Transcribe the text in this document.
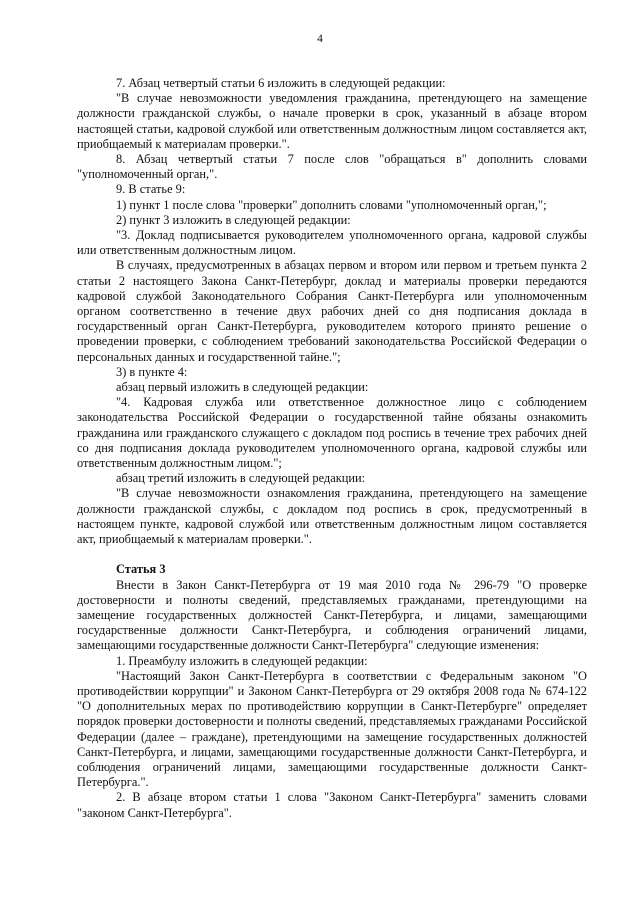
4

7. Абзац четвертый статьи 6 изложить в следующей редакции:

"В случае невозможности уведомления гражданина, претендующего на замещение должности гражданской службы, о начале проверки в срок, указанный в абзаце втором настоящей статьи, кадровой службой или ответственным должностным лицом составляется акт, приобщаемый к материалам проверки.".

8. Абзац четвертый статьи 7 после слов "обращаться в" дополнить словами "уполномоченный орган,".

9. В статье 9:

1) пункт 1 после слова "проверки" дополнить словами "уполномоченный орган,";

2) пункт 3 изложить в следующей редакции:

"3. Доклад подписывается руководителем уполномоченного органа, кадровой службы или ответственным должностным лицом.

В случаях, предусмотренных в абзацах первом и втором или первом и третьем пункта 2 статьи 2 настоящего Закона Санкт-Петербург, доклад и материалы проверки передаются кадровой службой Законодательного Собрания Санкт-Петербурга или уполномоченным органом соответственно в течение двух рабочих дней со дня подписания доклада в государственный орган Санкт-Петербурга, руководителем которого принято решение о проведении проверки, с соблюдением требований законодательства Российской Федерации о персональных данных и государственной тайне.";

3) в пункте 4:

абзац первый изложить в следующей редакции:

"4. Кадровая служба или ответственное должностное лицо с соблюдением законодательства Российской Федерации о государственной тайне обязаны ознакомить гражданина или гражданского служащего с докладом под роспись в течение трех рабочих дней со дня подписания доклада руководителем уполномоченного органа, кадровой службы или ответственным должностным лицом.";

абзац третий изложить в следующей редакции:

"В случае невозможности ознакомления гражданина, претендующего на замещение должности гражданской службы, с докладом под роспись в срок, предусмотренный в настоящем пункте, кадровой службой или ответственным должностным лицом составляется акт, приобщаемый к материалам проверки.".

Статья 3

Внести в Закон Санкт-Петербурга от 19 мая 2010 года № 296-79 "О проверке достоверности и полноты сведений, представляемых гражданами, претендующими на замещение государственных должностей Санкт-Петербурга, и лицами, замещающими государственные должности Санкт-Петербурга, и соблюдения ограничений лицами, замещающими государственные должности Санкт-Петербурга" следующие изменения:

1. Преамбулу изложить в следующей редакции:

"Настоящий Закон Санкт-Петербурга в соответствии с Федеральным законом "О противодействии коррупции" и Законом Санкт-Петербурга от 29 октября 2008 года № 674-122 "О дополнительных мерах по противодействию коррупции в Санкт-Петербурге" определяет порядок проверки достоверности и полноты сведений, представляемых гражданами Российской Федерации (далее – граждане), претендующими на замещение государственных должностей Санкт-Петербурга, и лицами, замещающими государственные должности Санкт-Петербурга, и соблюдения ограничений лицами, замещающими государственные должности Санкт-Петербурга.".

2. В абзаце втором статьи 1 слова "Законом Санкт-Петербурга" заменить словами "законом Санкт-Петербурга".
